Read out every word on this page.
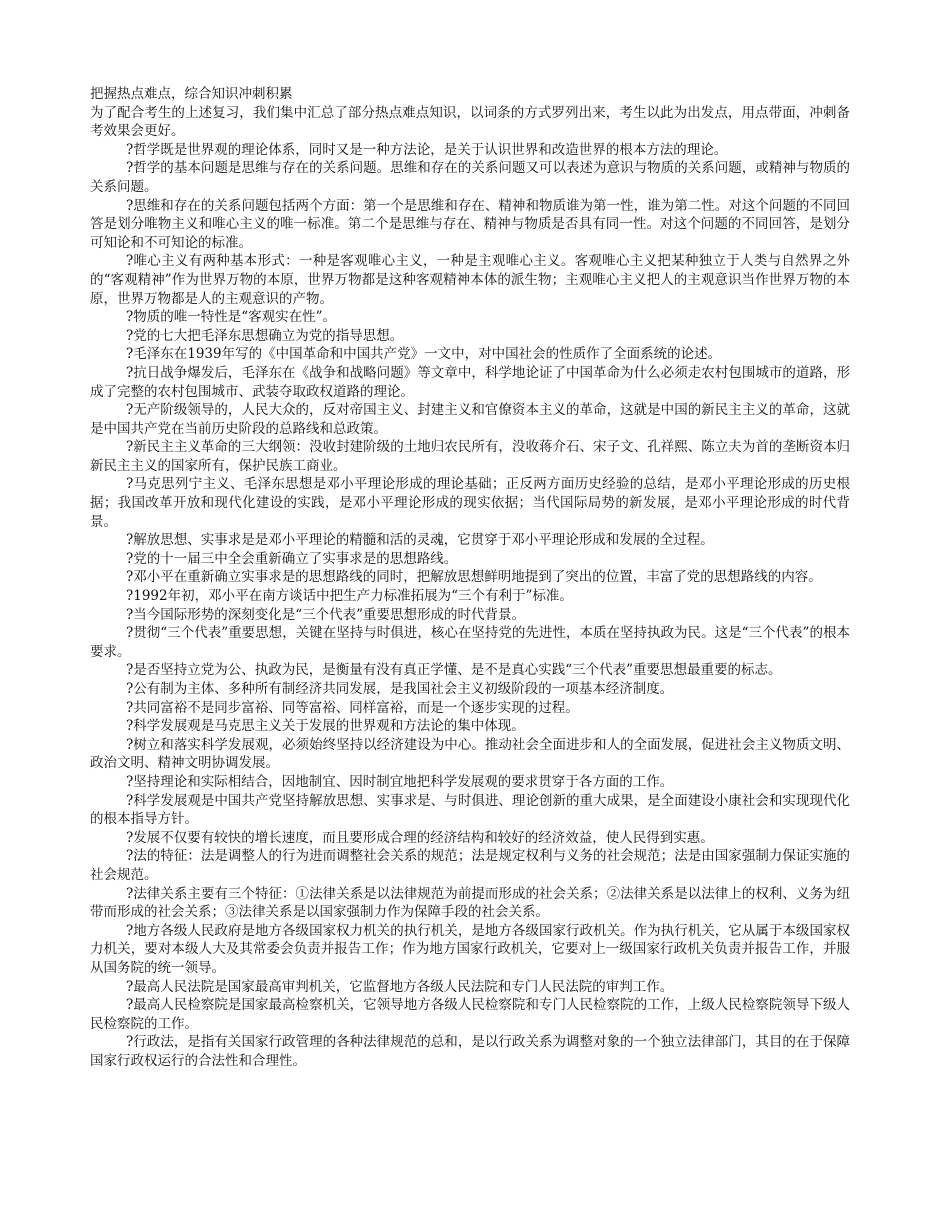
把握热点难点，综合知识冲刺积累

为了配合考生的上述复习，我们集中汇总了部分热点难点知识，以词条的方式罗列出来，考生以此为出发点，用点带面，冲刺备考效果会更好。

?哲学既是世界观的理论体系，同时又是一种方法论，是关于认识世界和改造世界的根本方法的理论。

?哲学的基本问题是思维与存在的关系问题。思维和存在的关系问题又可以表述为意识与物质的关系问题，或精神与物质的关系问题。

?思维和存在的关系问题包括两个方面：第一个是思维和存在、精神和物质谁为第一性，谁为第二性。对这个问题的不同回答是划分唯物主义和唯心主义的唯一标准。第二个是思维与存在、精神与物质是否具有同一性。对这个问题的不同回答，是划分可知论和不可知论的标准。

?唯心主义有两种基本形式：一种是客观唯心主义，一种是主观唯心主义。客观唯心主义把某种独立于人类与自然界之外的“客观精神”作为世界万物的本原，世界万物都是这种客观精神本体的派生物；主观唯心主义把人的主观意识当作世界万物的本原，世界万物都是人的主观意识的产物。

?物质的唯一特性是“客观实在性”。

?党的七大把毛泽东思想确立为党的指导思想。

?毛泽东在1939年写的《中国革命和中国共产党》一文中，对中国社会的性质作了全面系统的论述。

?抗日战争爆发后，毛泽东在《战争和战略问题》等文章中，科学地论证了中国革命为什么必须走农村包围城市的道路，形成了完整的农村包围城市、武装夺取政权道路的理论。

?无产阶级领导的，人民大众的，反对帝国主义、封建主义和官僚资本主义的革命，这就是中国的新民主主义的革命，这就是中国共产党在当前历史阶段的总路线和总政策。

?新民主主义革命的三大纲领：没收封建阶级的土地归农民所有，没收蒋介石、宋子文、孔祥熙、陈立夫为首的垄断资本归新民主主义的国家所有，保护民族工商业。

?马克思列宁主义、毛泽东思想是邓小平理论形成的理论基础；正反两方面历史经验的总结，是邓小平理论形成的历史根据；我国改革开放和现代化建设的实践，是邓小平理论形成的现实依据；当代国际局势的新发展，是邓小平理论形成的时代背景。

?解放思想、实事求是是邓小平理论的精髓和活的灵魂，它贯穿于邓小平理论形成和发展的全过程。

?党的十一届三中全会重新确立了实事求是的思想路线。

?邓小平在重新确立实事求是的思想路线的同时，把解放思想鲜明地提到了突出的位置，丰富了党的思想路线的内容。

?1992年初，邓小平在南方谈话中把生产力标准拓展为“三个有利于”标准。

?当今国际形势的深刻变化是“三个代表”重要思想形成的时代背景。

?贯彻“三个代表”重要思想，关键在坚持与时俱进，核心在坚持党的先进性，本质在坚持执政为民。这是“三个代表”的根本要求。

?是否坚持立党为公、执政为民，是衡量有没有真正学懂、是不是真心实践“三个代表”重要思想最重要的标志。

?公有制为主体、多种所有制经济共同发展，是我国社会主义初级阶段的一项基本经济制度。

?共同富裕不是同步富裕、同等富裕、同样富裕，而是一个逐步实现的过程。

?科学发展观是马克思主义关于发展的世界观和方法论的集中体现。

?树立和落实科学发展观，必须始终坚持以经济建设为中心。推动社会全面进步和人的全面发展，促进社会主义物质文明、政治文明、精神文明协调发展。

?坚持理论和实际相结合，因地制宜、因时制宜地把科学发展观的要求贯穿于各方面的工作。

?科学发展观是中国共产党坚持解放思想、实事求是、与时俱进、理论创新的重大成果，是全面建设小康社会和实现现代化的根本指导方针。

?发展不仅要有较快的增长速度，而且要形成合理的经济结构和较好的经济效益，使人民得到实惠。

?法的特征：法是调整人的行为进而调整社会关系的规范；法是规定权利与义务的社会规范；法是由国家强制力保证实施的社会规范。

?法律关系主要有三个特征：①法律关系是以法律规范为前提而形成的社会关系；②法律关系是以法律上的权利、义务为纽带而形成的社会关系；③法律关系是以国家强制力作为保障手段的社会关系。

?地方各级人民政府是地方各级国家权力机关的执行机关，是地方各级国家行政机关。作为执行机关，它从属于本级国家权力机关，要对本级人大及其常委会负责并报告工作；作为地方国家行政机关，它要对上一级国家行政机关负责并报告工作，并服从国务院的统一领导。

?最高人民法院是国家最高审判机关，它监督地方各级人民法院和专门人民法院的审判工作。

?最高人民检察院是国家最高检察机关，它领导地方各级人民检察院和专门人民检察院的工作，上级人民检察院领导下级人民检察院的工作。

?行政法，是指有关国家行政管理的各种法律规范的总和，是以行政关系为调整对象的一个独立法律部门，其目的在于保障国家行政权运行的合法性和合理性。
